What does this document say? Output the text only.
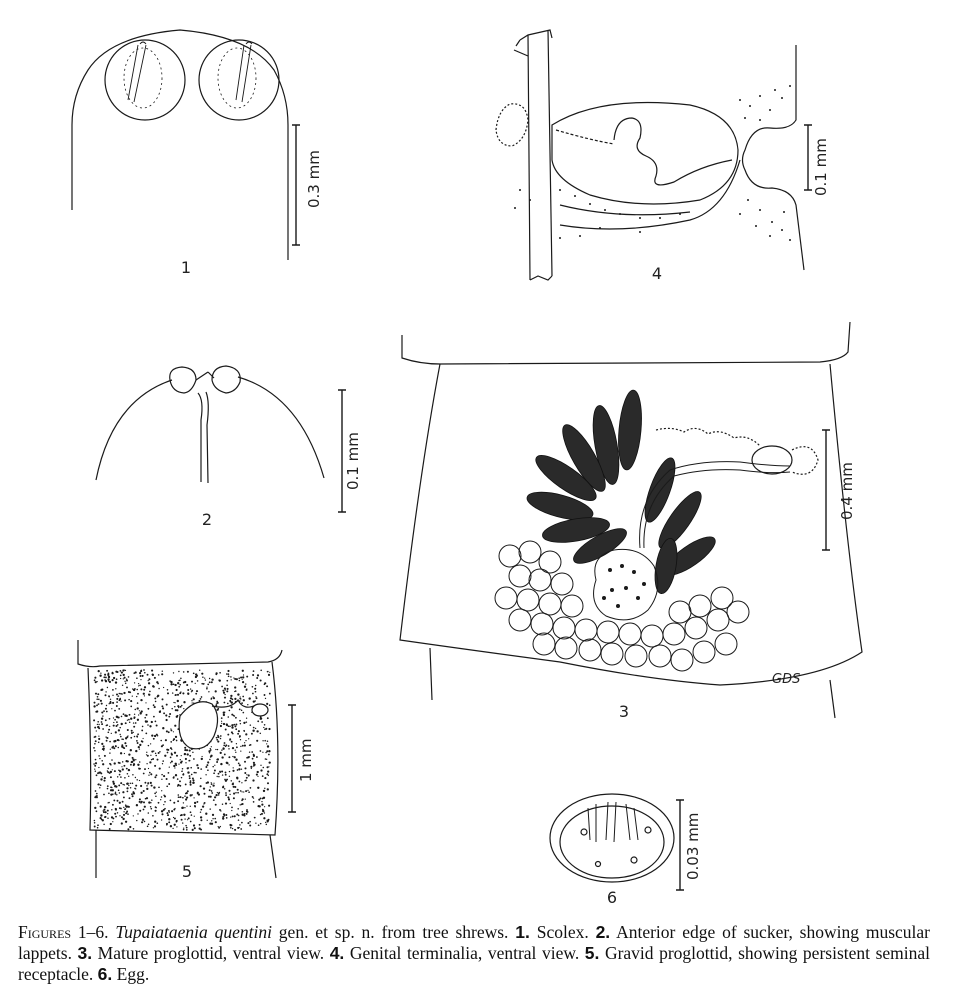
1
2
3
4
5
6
0.3 mm
0.1 mm
0.4 mm
0.1 mm
1 mm
0.03 mm
GDS
Figures 1–6. Tupaiataenia quentini gen. et sp. n. from tree shrews. 1. Scolex. 2. Anterior edge of sucker, showing muscular lappets. 3. Mature proglottid, ventral view. 4. Genital terminalia, ventral view. 5. Gravid proglottid, showing persistent seminal receptacle. 6. Egg.
